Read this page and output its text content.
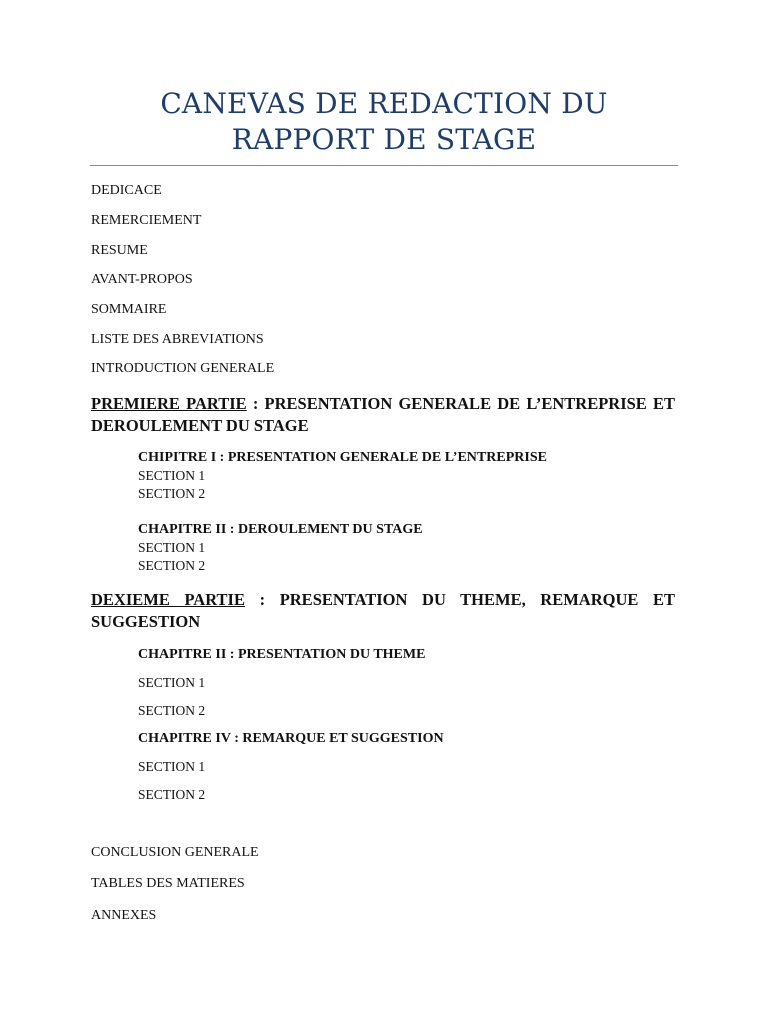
CANEVAS DE REDACTION DU RAPPORT DE STAGE
DEDICACE
REMERCIEMENT
RESUME
AVANT-PROPOS
SOMMAIRE
LISTE DES ABREVIATIONS
INTRODUCTION GENERALE
PREMIERE PARTIE : PRESENTATION GENERALE DE L’ENTREPRISE ET DEROULEMENT DU STAGE
CHIPITRE I : PRESENTATION GENERALE DE L’ENTREPRISE
SECTION 1
SECTION 2
CHAPITRE II : DEROULEMENT DU STAGE
SECTION 1
SECTION 2
DEXIEME PARTIE : PRESENTATION DU THEME, REMARQUE ET SUGGESTION
CHAPITRE II : PRESENTATION DU THEME
SECTION 1
SECTION 2
CHAPITRE IV : REMARQUE ET SUGGESTION
SECTION 1
SECTION 2
CONCLUSION GENERALE
TABLES DES MATIERES
ANNEXES
